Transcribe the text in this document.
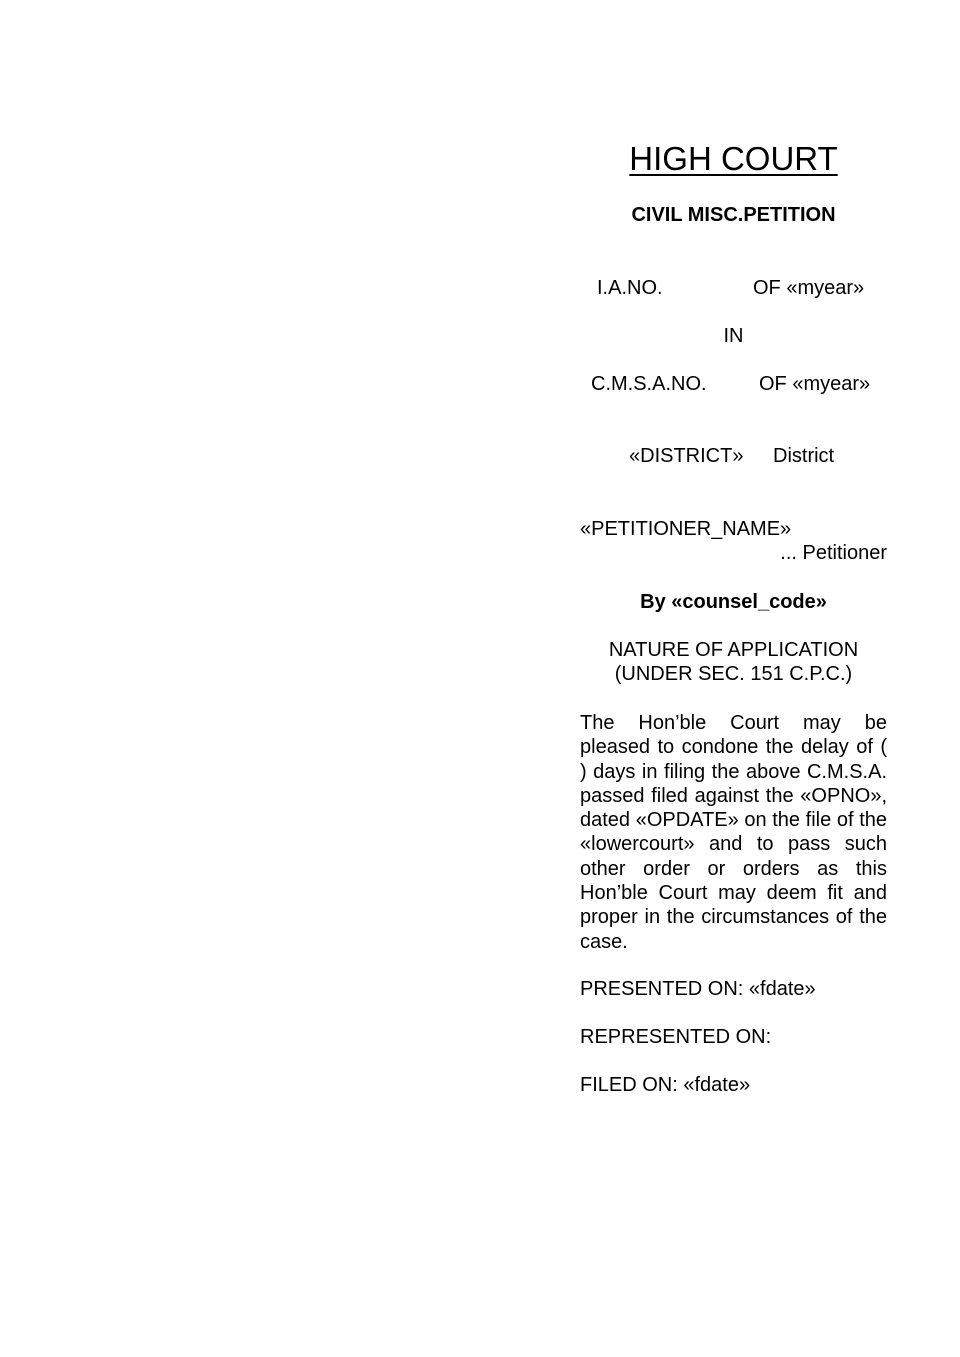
HIGH COURT
CIVIL MISC.PETITION
I.A.NO.	OF «myear»
IN
C.M.S.A.NO.	OF «myear»
«DISTRICT» District
«PETITIONER_NAME»
... Petitioner
By «counsel_code»
NATURE OF APPLICATION
(UNDER SEC. 151 C.P.C.)
The Hon’ble Court may be pleased to condone the delay of ( ) days in filing the above C.M.S.A. passed filed against the «OPNO», dated «OPDATE» on the file of the «lowercourt» and to pass such other order or orders as this Hon’ble Court may deem fit and proper in the circumstances of the case.
PRESENTED ON: «fdate»
REPRESENTED ON:
FILED ON: «fdate»
